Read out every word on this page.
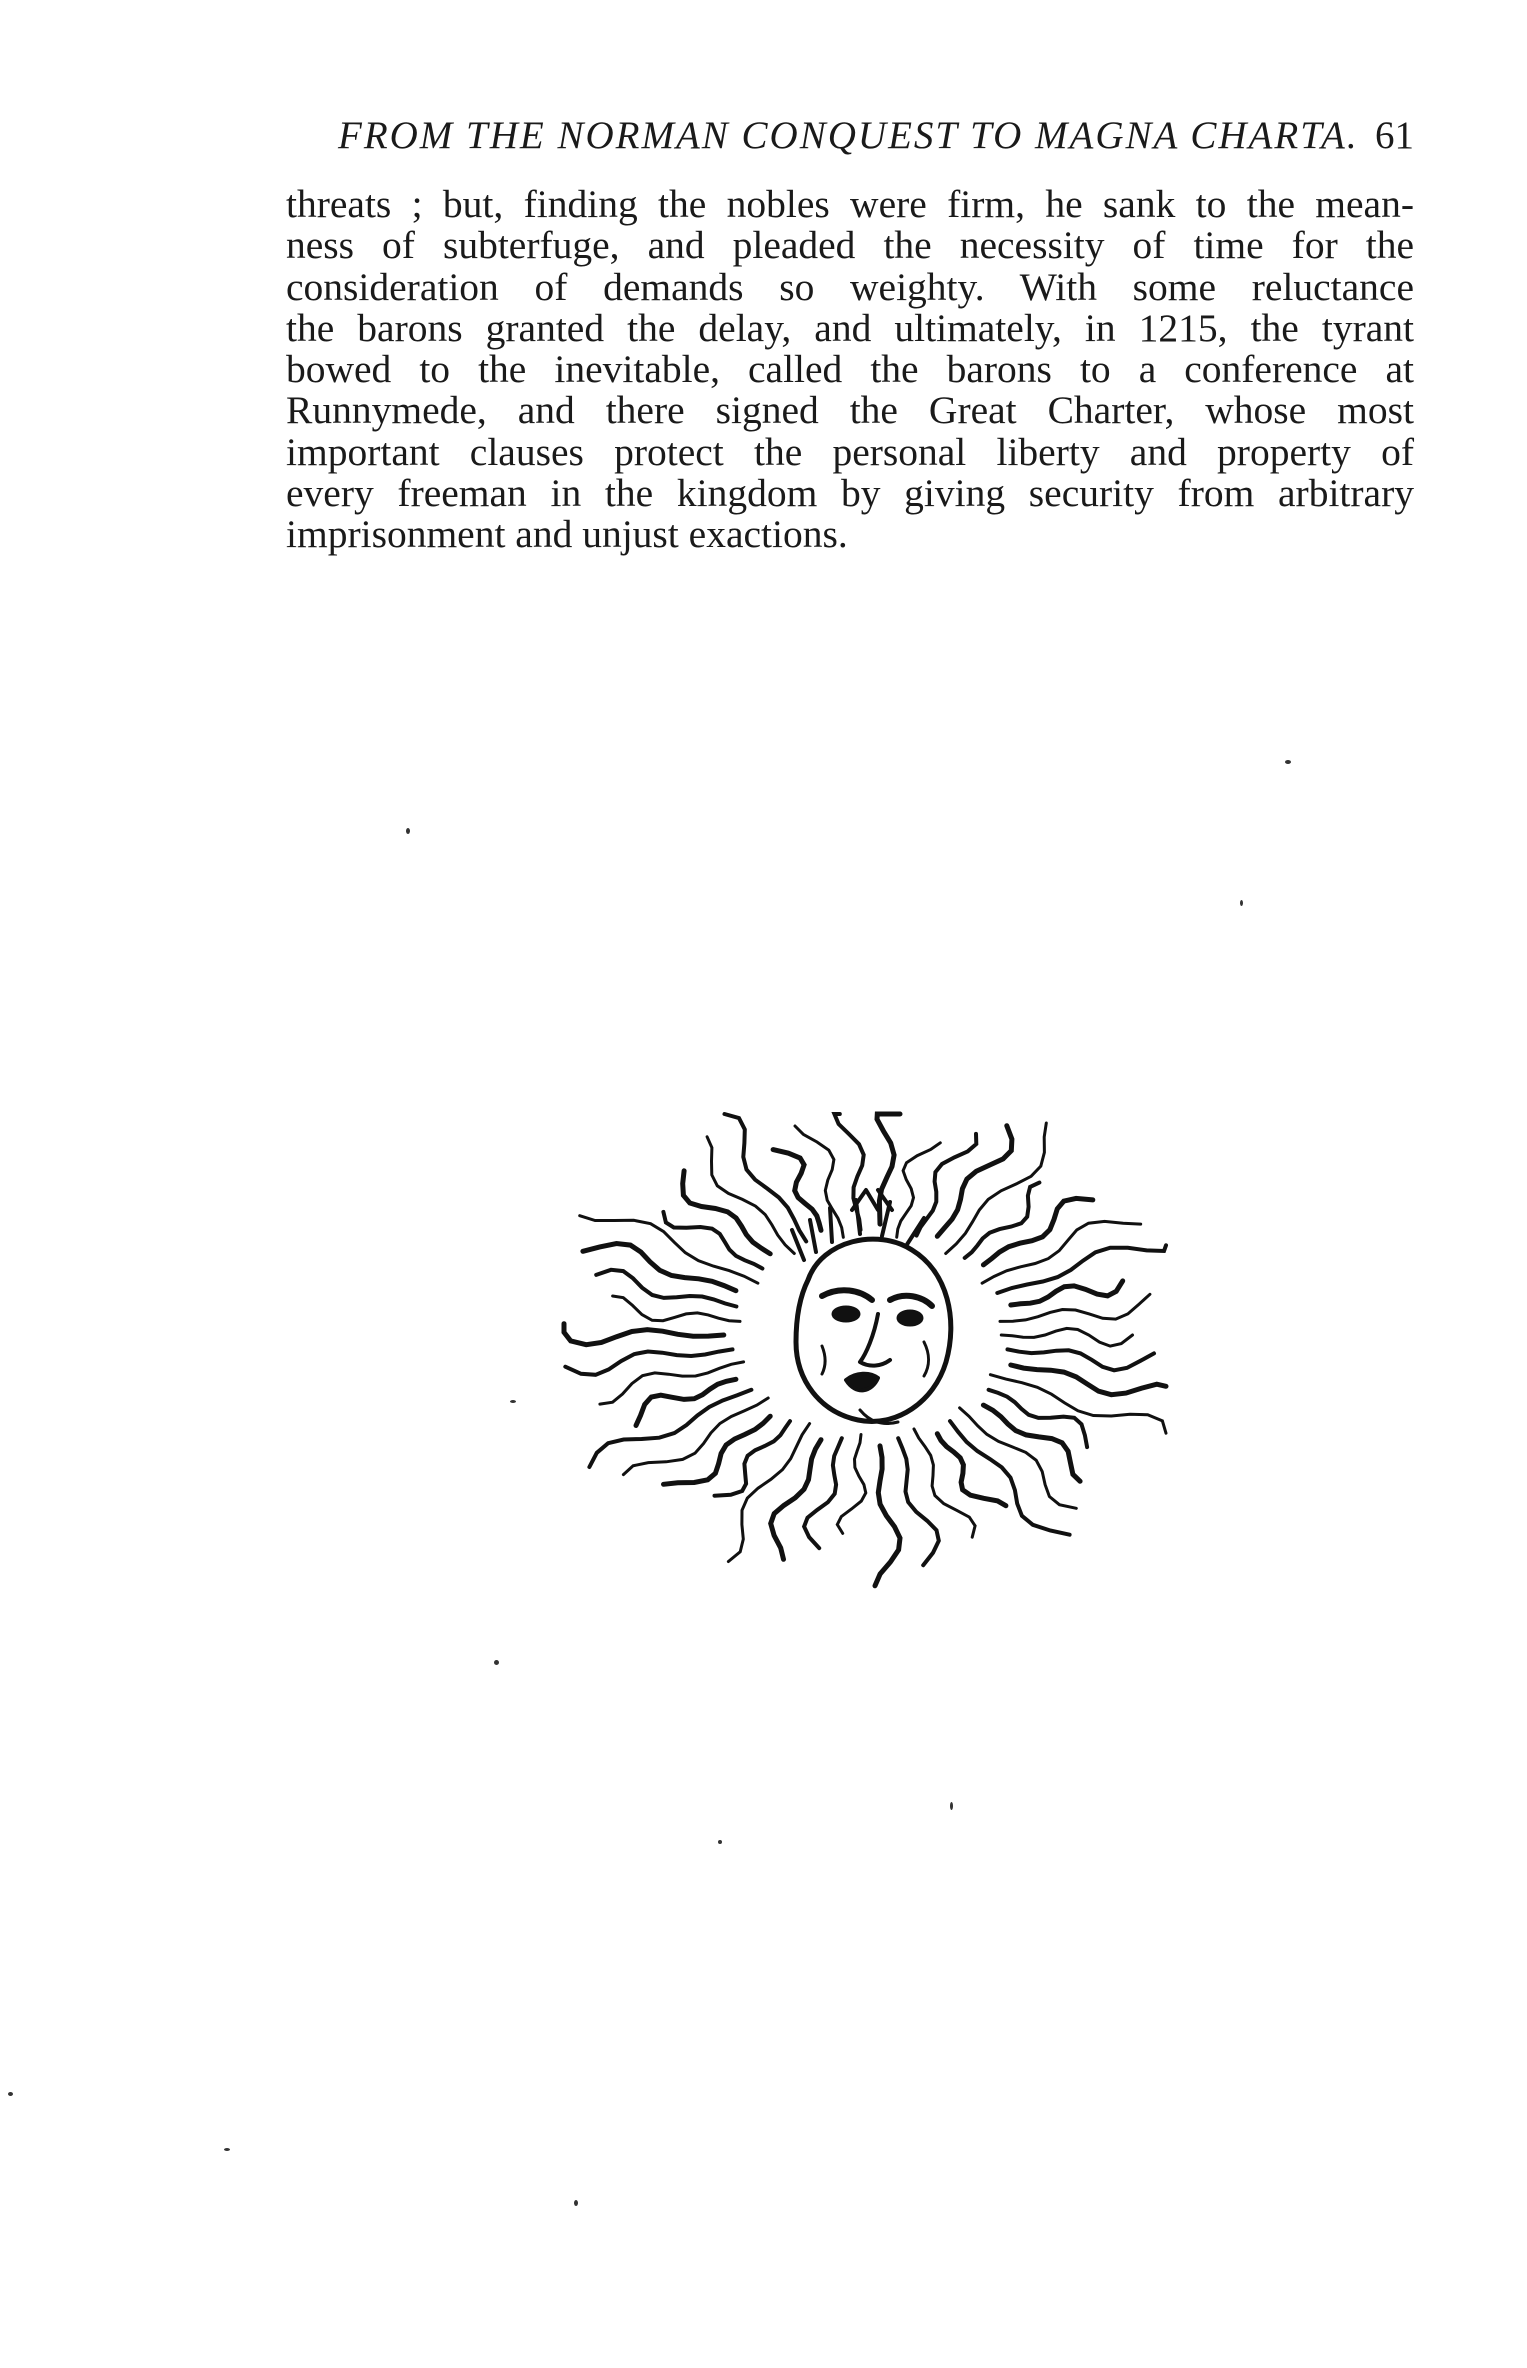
FROM THE NORMAN CONQUEST TO MAGNA CHARTA. 61

threats ; but, finding the nobles were firm, he sank to the mean-
ness of subterfuge, and pleaded the necessity of time for the
consideration of demands so weighty. With some reluctance
the barons granted the delay, and ultimately, in 1215, the tyrant
bowed to the inevitable, called the barons to a conference at
Runnymede, and there signed the Great Charter, whose most
important clauses protect the personal liberty and property of
every freeman in the kingdom by giving security from arbitrary
imprisonment and unjust exactions.
